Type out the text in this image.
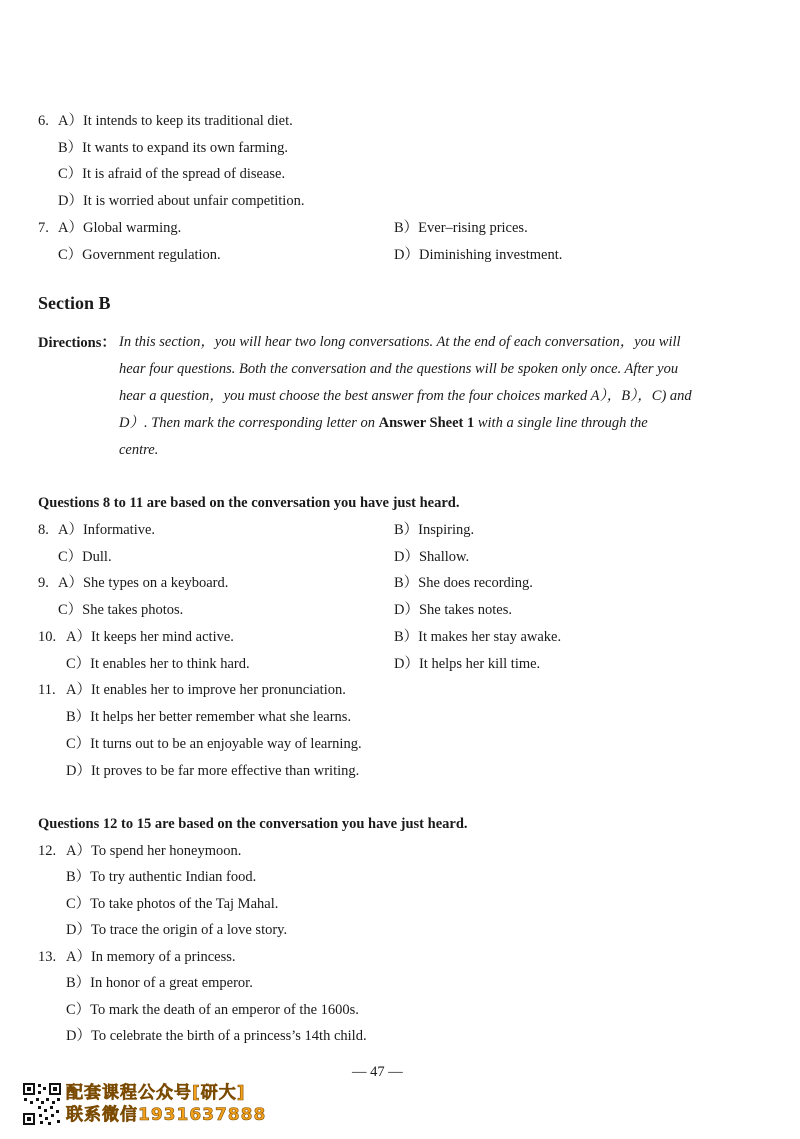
6. A）It intends to keep its traditional diet.
B）It wants to expand its own farming.
C）It is afraid of the spread of disease.
D）It is worried about unfair competition.
7. A）Global warming.	B）Ever–rising prices.
C）Government regulation.	D）Diminishing investment.
Section B
Directions： In this section，you will hear two long conversations. At the end of each conversation，you will
hear four questions. Both the conversation and the questions will be spoken only once. After you
hear a question，you must choose the best answer from the four choices marked A），B），C) and
D）. Then mark the corresponding letter on Answer Sheet 1 with a single line through the
centre.
Questions 8 to 11 are based on the conversation you have just heard.
8. A）Informative.	B）Inspiring.
C）Dull.	D）Shallow.
9. A）She types on a keyboard.	B）She does recording.
C）She takes photos.	D）She takes notes.
10. A）It keeps her mind active.	B）It makes her stay awake.
C）It enables her to think hard.	D）It helps her kill time.
11. A）It enables her to improve her pronunciation.
B）It helps her better remember what she learns.
C）It turns out to be an enjoyable way of learning.
D）It proves to be far more effective than writing.
Questions 12 to 15 are based on the conversation you have just heard.
12. A）To spend her honeymoon.
B）To try authentic Indian food.
C）To take photos of the Taj Mahal.
D）To trace the origin of a love story.
13. A）In memory of a princess.
B）In honor of a great emperor.
C）To mark the death of an emperor of the 1600s.
D）To celebrate the birth of a princess’s 14th child.
— 47 —
配套课程公众号[研大]
联系微信1931637888
